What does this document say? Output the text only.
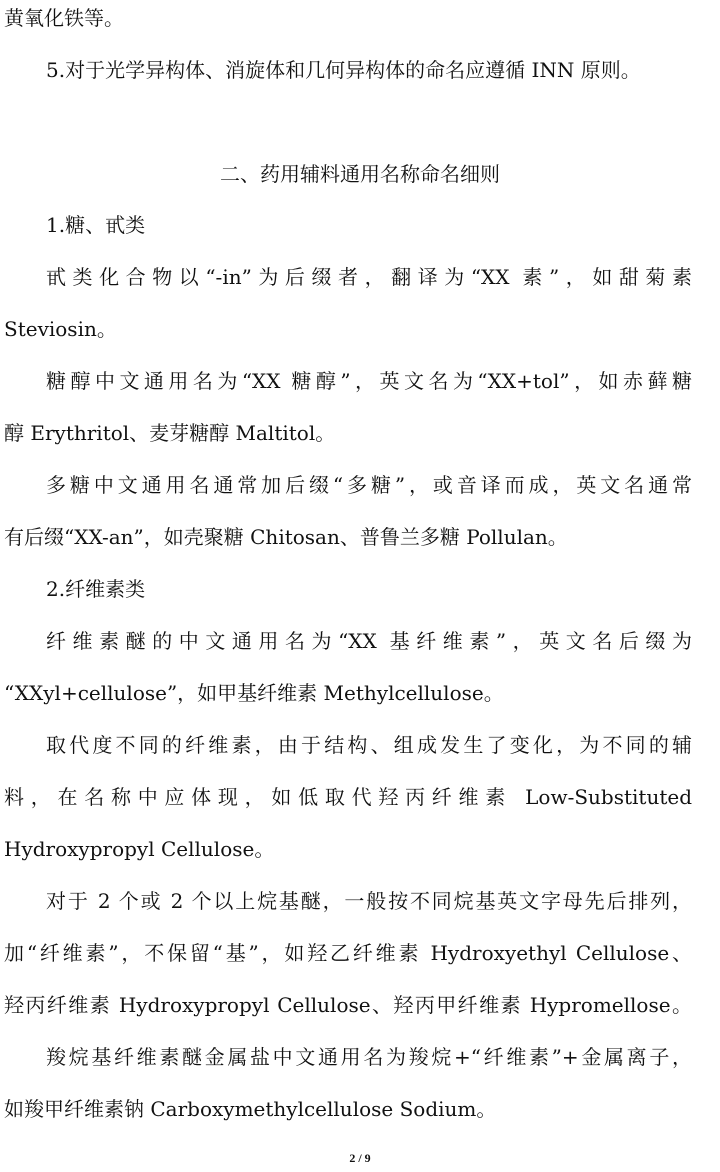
黄氧化铁等。
5.对于光学异构体、消旋体和几何异构体的命名应遵循 INN 原则。
二、药用辅料通用名称命名细则
1.糖、甙类
甙类化合物以“-in”为后缀者，翻译为“XX 素”，如甜菊素
Steviosin。
糖醇中文通用名为“XX 糖醇”，英文名为“XX+tol”，如赤藓糖
醇 Erythritol、麦芽糖醇 Maltitol。
多糖中文通用名通常加后缀“多糖”，或音译而成，英文名通常
有后缀“XX-an”，如壳聚糖 Chitosan、普鲁兰多糖 Pollulan。
2.纤维素类
纤维素醚的中文通用名为“XX 基纤维素”，英文名后缀为
“XXyl+cellulose”，如甲基纤维素 Methylcellulose。
取代度不同的纤维素，由于结构、组成发生了变化，为不同的辅
料，在名称中应体现，如低取代羟丙纤维素 Low-Substituted
Hydroxypropyl Cellulose。
对于 2 个或 2 个以上烷基醚，一般按不同烷基英文字母先后排列，
加“纤维素”，不保留“基”，如羟乙纤维素 Hydroxyethyl Cellulose、
羟丙纤维素 Hydroxypropyl Cellulose、羟丙甲纤维素 Hypromellose。
羧烷基纤维素醚金属盐中文通用名为羧烷+“纤维素”+金属离子，
如羧甲纤维素钠 Carboxymethylcellulose Sodium。
2 / 9
